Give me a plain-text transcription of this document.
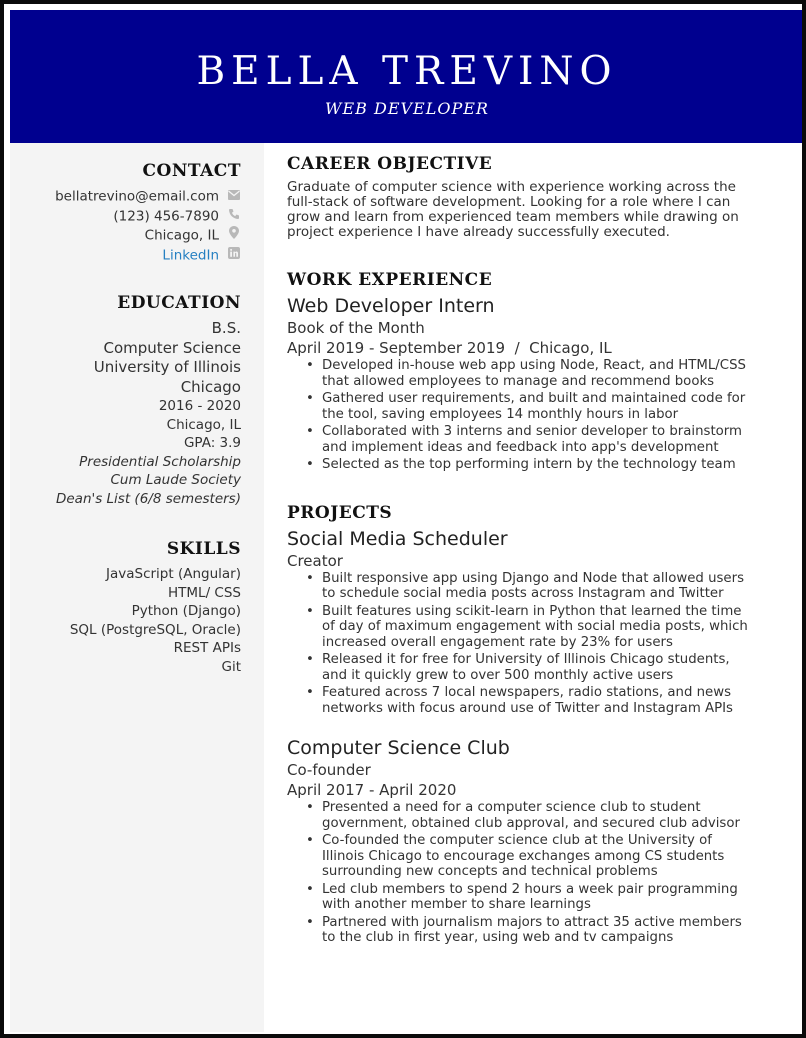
BELLA TREVINO
WEB DEVELOPER
CONTACT
bellatrevino@email.com
(123) 456-7890
Chicago, IL
LinkedIn
EDUCATION
B.S.
Computer Science
University of Illinois
Chicago
2016 - 2020
Chicago, IL
GPA: 3.9
Presidential Scholarship
Cum Laude Society
Dean's List (6/8 semesters)
SKILLS
JavaScript (Angular)
HTML/ CSS
Python (Django)
SQL (PostgreSQL, Oracle)
REST APIs
Git
CAREER OBJECTIVE
Graduate of computer science with experience working across the
full-stack of software development. Looking for a role where I can
grow and learn from experienced team members while drawing on
project experience I have already successfully executed.
WORK EXPERIENCE
Web Developer Intern
Book of the Month
April 2019 - September 2019  /  Chicago, IL
• Developed in-house web app using Node, React, and HTML/CSS that allowed employees to manage and recommend books
• Gathered user requirements, and built and maintained code for the tool, saving employees 14 monthly hours in labor
• Collaborated with 3 interns and senior developer to brainstorm and implement ideas and feedback into app's development
• Selected as the top performing intern by the technology team
PROJECTS
Social Media Scheduler
Creator
• Built responsive app using Django and Node that allowed users to schedule social media posts across Instagram and Twitter
• Built features using scikit-learn in Python that learned the time of day of maximum engagement with social media posts, which increased overall engagement rate by 23% for users
• Released it for free for University of Illinois Chicago students, and it quickly grew to over 500 monthly active users
• Featured across 7 local newspapers, radio stations, and news networks with focus around use of Twitter and Instagram APIs
Computer Science Club
Co-founder
April 2017 - April 2020
• Presented a need for a computer science club to student government, obtained club approval, and secured club advisor
• Co-founded the computer science club at the University of Illinois Chicago to encourage exchanges among CS students surrounding new concepts and technical problems
• Led club members to spend 2 hours a week pair programming with another member to share learnings
• Partnered with journalism majors to attract 35 active members to the club in first year, using web and tv campaigns
